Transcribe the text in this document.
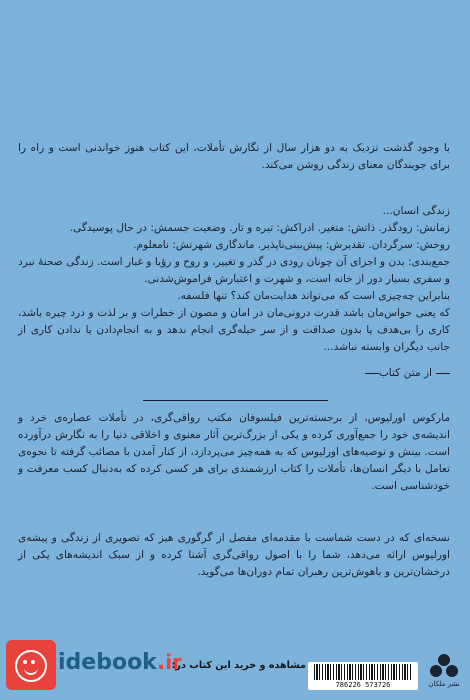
با وجود گذشت نزدیک به دو هزار سال از نگارش تأملات، این کتاب هنوز خواندنی است و راه را برای جویندگان معنای زندگی روشن می‌کند.

زندگی انسان...

زمانش: زودگذر. ذاتش: متغیر. ادراکش: تیره و تار. وضعیت جسمش: در حال پوسیدگی.

روحش: سرگردان. تقدیرش: پیش‌بینی‌ناپذیر. ماندگاری شهرتش: نامعلوم.

جمع‌بندی: بدن و اجزای آن چونان رودی در گذر و تغییر، و روح و رؤیا و غبار است. زندگی صحنهٔ نبرد و سفری بسیار دور از خانه است، و شهرت و اعتبارش فراموش‌شدنی.

بنابراین چه‌چیزی است که می‌تواند هدایت‌مان کند؟ تنها فلسفه.

که یعنی حواس‌مان باشد قدرت درونی‌مان در امان و مصون از خطرات و بر لذت و درد چیره باشد، کاری را بی‌هدف یا بدون صداقت و از سر حیله‌گری انجام ندهد و به انجام‌دادن یا ندادن کاری از جانب دیگران وابسته نباشد...

از متن کتاب

مارکوس اورلیوس، از برجسته‌ترین فیلسوفان مکتب رواقی‌گری، در تأملات عصاره‌ی خرد و اندیشه‌ی خود را جمع‌آوری کرده و یکی از بزرگ‌ترین آثار معنوی و اخلاقی دنیا را به نگارش درآورده است. بینش و توصیه‌های اورلیوس که به همه‌چیز می‌پردازد، از کنار آمدن با مصائب گرفته تا نحوه‌ی تعامل با دیگر انسان‌ها، تأملات را کتاب ارزشمندی برای هر کسی کرده که به‌دنبال کسب معرفت و خودشناسی است.

نسخه‌ای که در دست شماست با مقدمه‌ای مفصل از گرگوری هیز که تصویری از زندگی و پیشه‌ی اورلیوس ارائه می‌دهد، شما را با اصول رواقی‌گری آشنا کرده و از سبک اندیشه‌های یکی از درخشان‌ترین و باهوش‌ترین رهبران تمام دوران‌ها می‌گوید.

idebook.ir
مشاهده و خرید این کتاب در:
786226 573726	نشر ملکان
